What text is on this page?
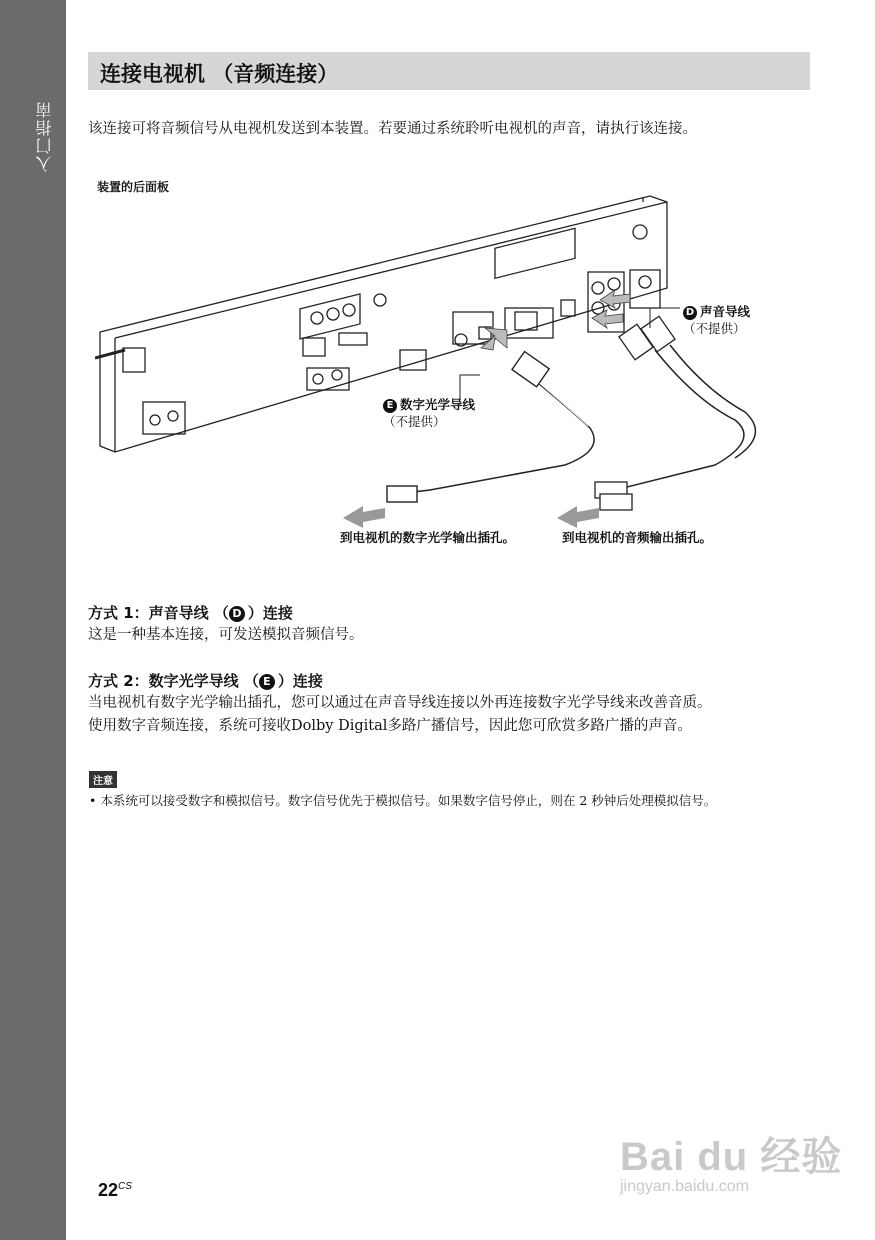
入门指南
连接电视机 （音频连接）
该连接可将音频信号从电视机发送到本装置。若要通过系统聆听电视机的声音，请执行该连接。
装置的后面板
D 声音导线
（不提供）
E 数字光学导线
（不提供）
到电视机的数字光学输出插孔。	到电视机的音频输出插孔。
方式 1：声音导线 （ D ）连接
这是一种基本连接，可发送模拟音频信号。
方式 2：数字光学导线 （ E ）连接
当电视机有数字光学输出插孔，您可以通过在声音导线连接以外再连接数字光学导线来改善音质。
使用数字音频连接，系统可接收Dolby Digital多路广播信号，因此您可欣赏多路广播的声音。
注意
• 本系统可以接受数字和模拟信号。数字信号优先于模拟信号。如果数字信号停止，则在 2 秒钟后处理模拟信号。
$22^{CS}$
Bai du 经验
jingyan.baidu.com
